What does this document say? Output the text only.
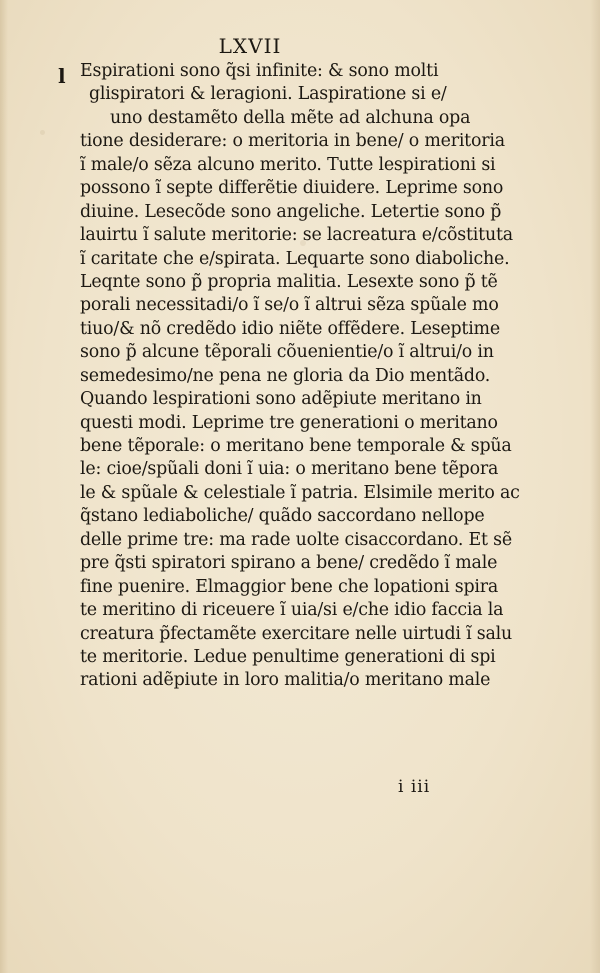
LXVII
l Espirationi sono q̃si infinite: & sono molti
glispiratori & leragioni. Laspiratione si e/
uno destamẽto della mẽte ad alchuna opa
tione desiderare: o meritoria in bene/ o meritoria
ĩ male/o sẽza alcuno merito. Tutte lespirationi si
possono ĩ septe differẽtie diuidere. Leprime sono
diuine. Lesecõde sono angeliche. Letertie sono p̃
lauirtu ĩ salute meritorie: se lacreatura e/cõstituta
ĩ caritate che e/spirata. Lequarte sono diaboliche.
Leqnte sono p̃ propria malitia. Lesexte sono p̃ tẽ
porali necessitadi/o ĩ se/o ĩ altrui sẽza spũale mo
tiuo/& nõ credẽdo idio niẽte offẽdere. Leseptime
sono p̃ alcune tẽporali cõuenientie/o ĩ altrui/o in
semedesimo/ne pena ne gloria da Dio mentãdo.
Quando lespirationi sono adẽpiute meritano in
questi modi. Leprime tre generationi o meritano
bene tẽporale: o meritano bene temporale & spũa
le: cioe/spũali doni ĩ uia: o meritano bene tẽpora
le & spũale & celestiale ĩ patria. Elsimile merito ac
q̃stano lediaboliche/ quãdo saccordano nellope
delle prime tre: ma rade uolte cisaccordano. Et sẽ
pre q̃sti spiratori spirano a bene/ credẽdo ĩ male
fine puenire. Elmaggior bene che lopationi spira
te meritino di riceuere ĩ uia/si e/che idio faccia la
creatura p̃fectamẽte exercitare nelle uirtudi ĩ salu
te meritorie. Ledue penultime generationi di spi
rationi adẽpiute in loro malitia/o meritano male
i iii
